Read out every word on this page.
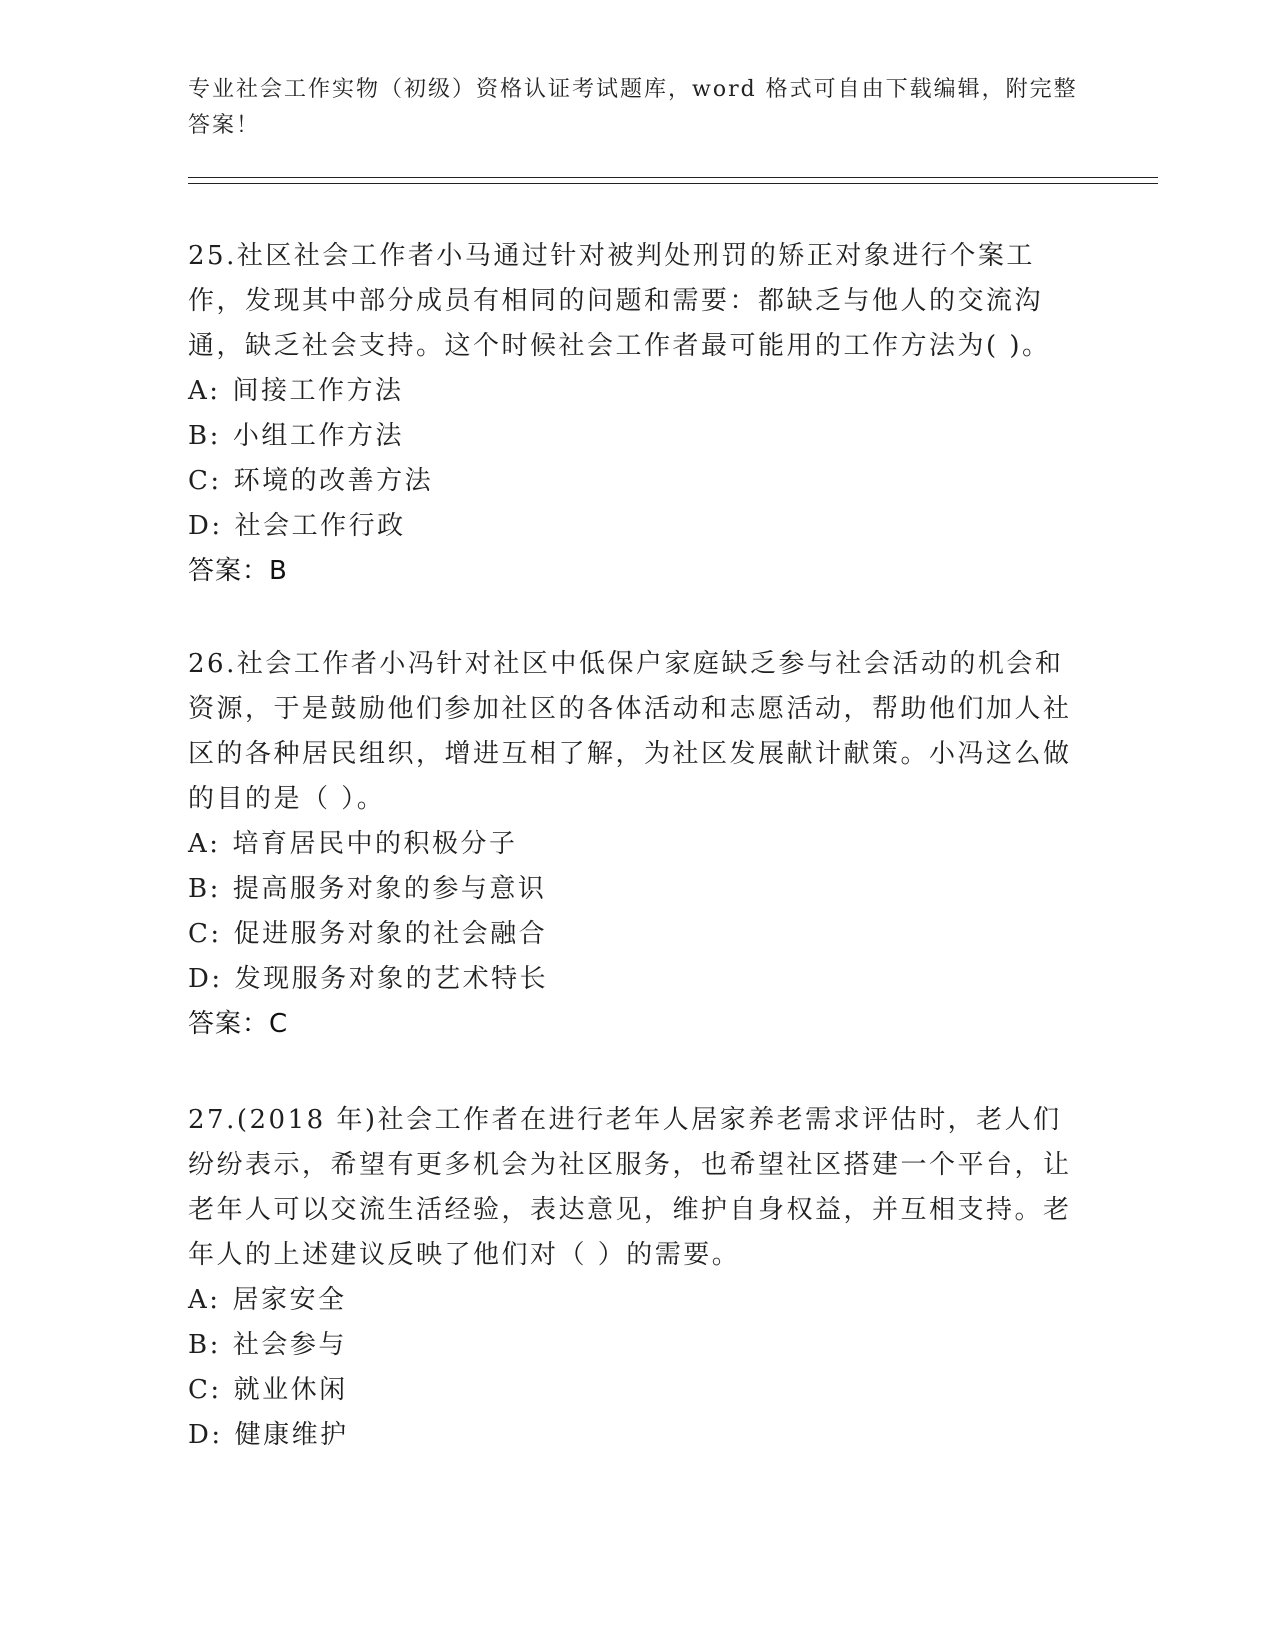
专业社会工作实物（初级）资格认证考试题库，word 格式可自由下载编辑，附完整答案！

25.社区社会工作者小马通过针对被判处刑罚的矫正对象进行个案工作，发现其中部分成员有相同的问题和需要：都缺乏与他人的交流沟通，缺乏社会支持。这个时候社会工作者最可能用的工作方法为( )。

A: 间接工作方法
B: 小组工作方法
C: 环境的改善方法
D: 社会工作行政
答案：B

26.社会工作者小冯针对社区中低保户家庭缺乏参与社会活动的机会和资源，于是鼓励他们参加社区的各体活动和志愿活动，帮助他们加人社区的各种居民组织，增进互相了解，为社区发展献计献策。小冯这么做的目的是（ ）。

A: 培育居民中的积极分子
B: 提高服务对象的参与意识
C: 促进服务对象的社会融合
D: 发现服务对象的艺术特长
答案：C

27.(2018 年)社会工作者在进行老年人居家养老需求评估时，老人们纷纷表示，希望有更多机会为社区服务，也希望社区搭建一个平台，让老年人可以交流生活经验，表达意见，维护自身权益，并互相支持。老年人的上述建议反映了他们对（ ）的需要。

A: 居家安全
B: 社会参与
C: 就业休闲
D: 健康维护
